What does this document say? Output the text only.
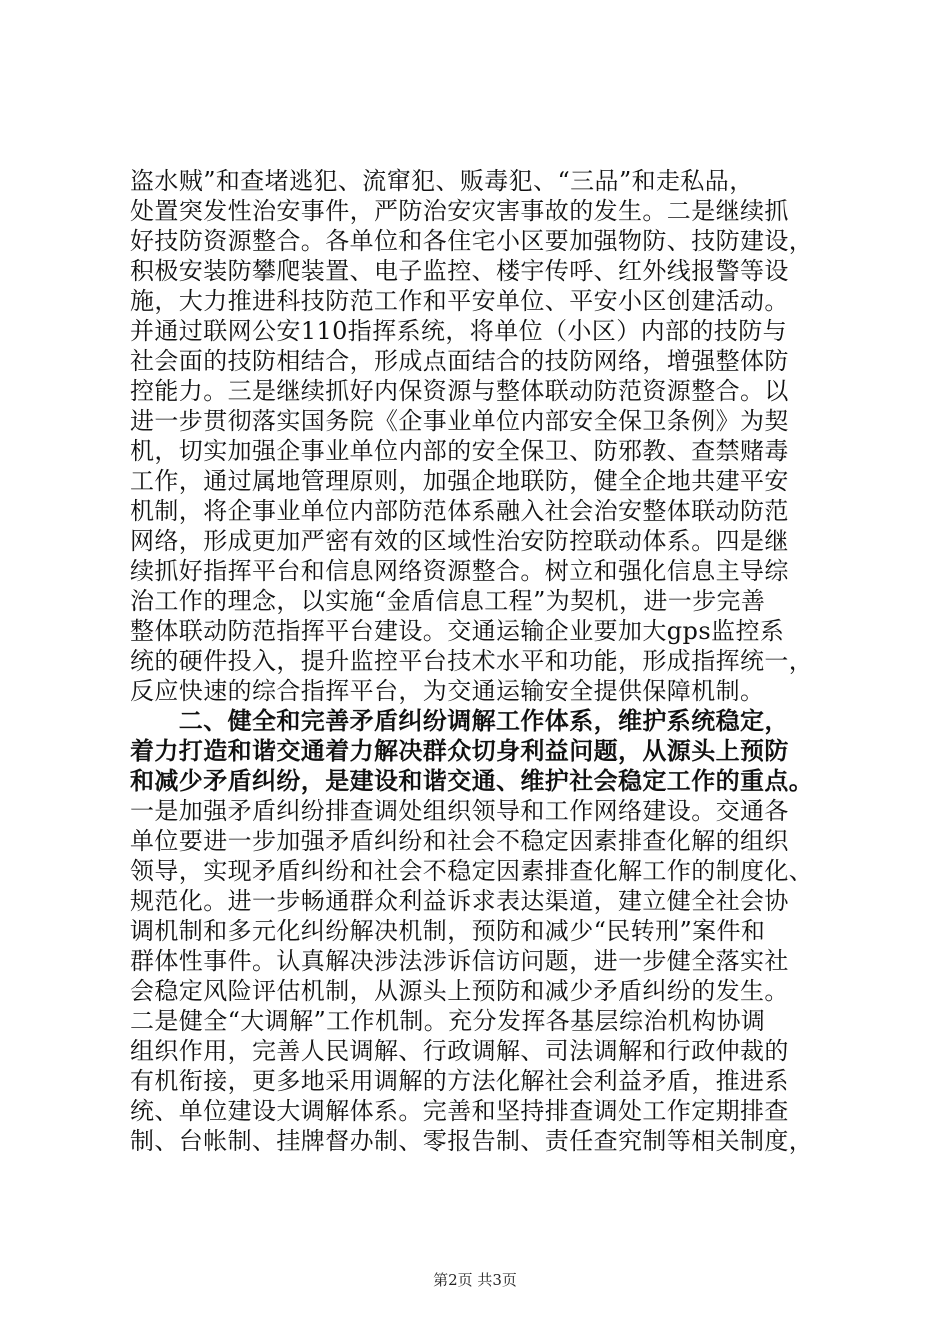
盗水贼”和查堵逃犯、流窜犯、贩毒犯、“三品”和走私品，
处置突发性治安事件，严防治安灾害事故的发生。二是继续抓
好技防资源整合。各单位和各住宅小区要加强物防、技防建设，
积极安装防攀爬装置、电子监控、楼宇传呼、红外线报警等设
施，大力推进科技防范工作和平安单位、平安小区创建活动。
并通过联网公安110指挥系统，将单位（小区）内部的技防与
社会面的技防相结合，形成点面结合的技防网络，增强整体防
控能力。三是继续抓好内保资源与整体联动防范资源整合。以
进一步贯彻落实国务院《企事业单位内部安全保卫条例》为契
机，切实加强企事业单位内部的安全保卫、防邪教、查禁赌毒
工作，通过属地管理原则，加强企地联防，健全企地共建平安
机制，将企事业单位内部防范体系融入社会治安整体联动防范
网络，形成更加严密有效的区域性治安防控联动体系。四是继
续抓好指挥平台和信息网络资源整合。树立和强化信息主导综
治工作的理念，以实施“金盾信息工程”为契机，进一步完善
整体联动防范指挥平台建设。交通运输企业要加大gps监控系
统的硬件投入，提升监控平台技术水平和功能，形成指挥统一，
反应快速的综合指挥平台，为交通运输安全提供保障机制。
　　二、健全和完善矛盾纠纷调解工作体系，维护系统稳定，
着力打造和谐交通着力解决群众切身利益问题，从源头上预防
和减少矛盾纠纷，是建设和谐交通、维护社会稳定工作的重点。
一是加强矛盾纠纷排查调处组织领导和工作网络建设。交通各
单位要进一步加强矛盾纠纷和社会不稳定因素排查化解的组织
领导，实现矛盾纠纷和社会不稳定因素排查化解工作的制度化、
规范化。进一步畅通群众利益诉求表达渠道，建立健全社会协
调机制和多元化纠纷解决机制，预防和减少“民转刑”案件和
群体性事件。认真解决涉法涉诉信访问题，进一步健全落实社
会稳定风险评估机制，从源头上预防和减少矛盾纠纷的发生。
二是健全“大调解”工作机制。充分发挥各基层综治机构协调
组织作用，完善人民调解、行政调解、司法调解和行政仲裁的
有机衔接，更多地采用调解的方法化解社会利益矛盾，推进系
统、单位建设大调解体系。完善和坚持排查调处工作定期排查
制、台帐制、挂牌督办制、零报告制、责任查究制等相关制度，
第2页 共3页
